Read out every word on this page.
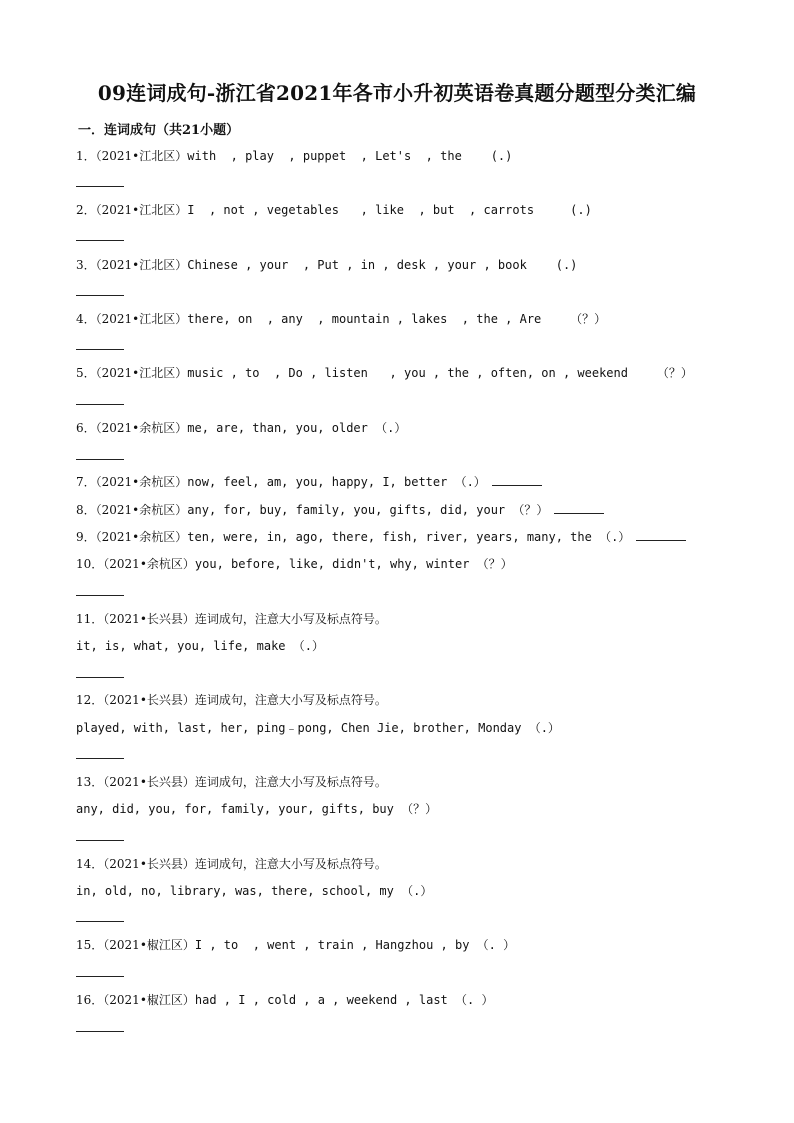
09连词成句-浙江省2021年各市小升初英语卷真题分题型分类汇编
一．连词成句（共21小题）
1．（2021•江北区）with  , play  , puppet  , Let's  , the    (.)
2．（2021•江北区）I  , not , vegetables   , like  , but  , carrots     (.)
3．（2021•江北区）Chinese , your  , Put , in , desk , your , book    (.)
4．（2021•江北区）there, on  , any  , mountain , lakes  , the , Are    （？）
5．（2021•江北区）music , to  , Do , listen   , you , the , often, on , weekend    （？）
6．（2021•余杭区）me, are, than, you, older （.）
7．（2021•余杭区）now, feel, am, you, happy, I, better （.）
8．（2021•余杭区）any, for, buy, family, you, gifts, did, your （？）
9．（2021•余杭区）ten, were, in, ago, there, fish, river, years, many, the （.）
10．（2021•余杭区）you, before, like, didn't, why, winter （？）
11．（2021•长兴县）连词成句，注意大小写及标点符号。
it, is, what, you, life, make （.）
12．（2021•长兴县）连词成句，注意大小写及标点符号。
played, with, last, her, ping﹣pong, Chen Jie, brother, Monday （.）
13．（2021•长兴县）连词成句，注意大小写及标点符号。
any, did, you, for, family, your, gifts, buy （？）
14．（2021•长兴县）连词成句，注意大小写及标点符号。
in, old, no, library, was, there, school, my （.）
15．（2021•椒江区）I , to  , went , train , Hangzhou , by （. ）
16．（2021•椒江区）had , I , cold , a , weekend , last （. ）
